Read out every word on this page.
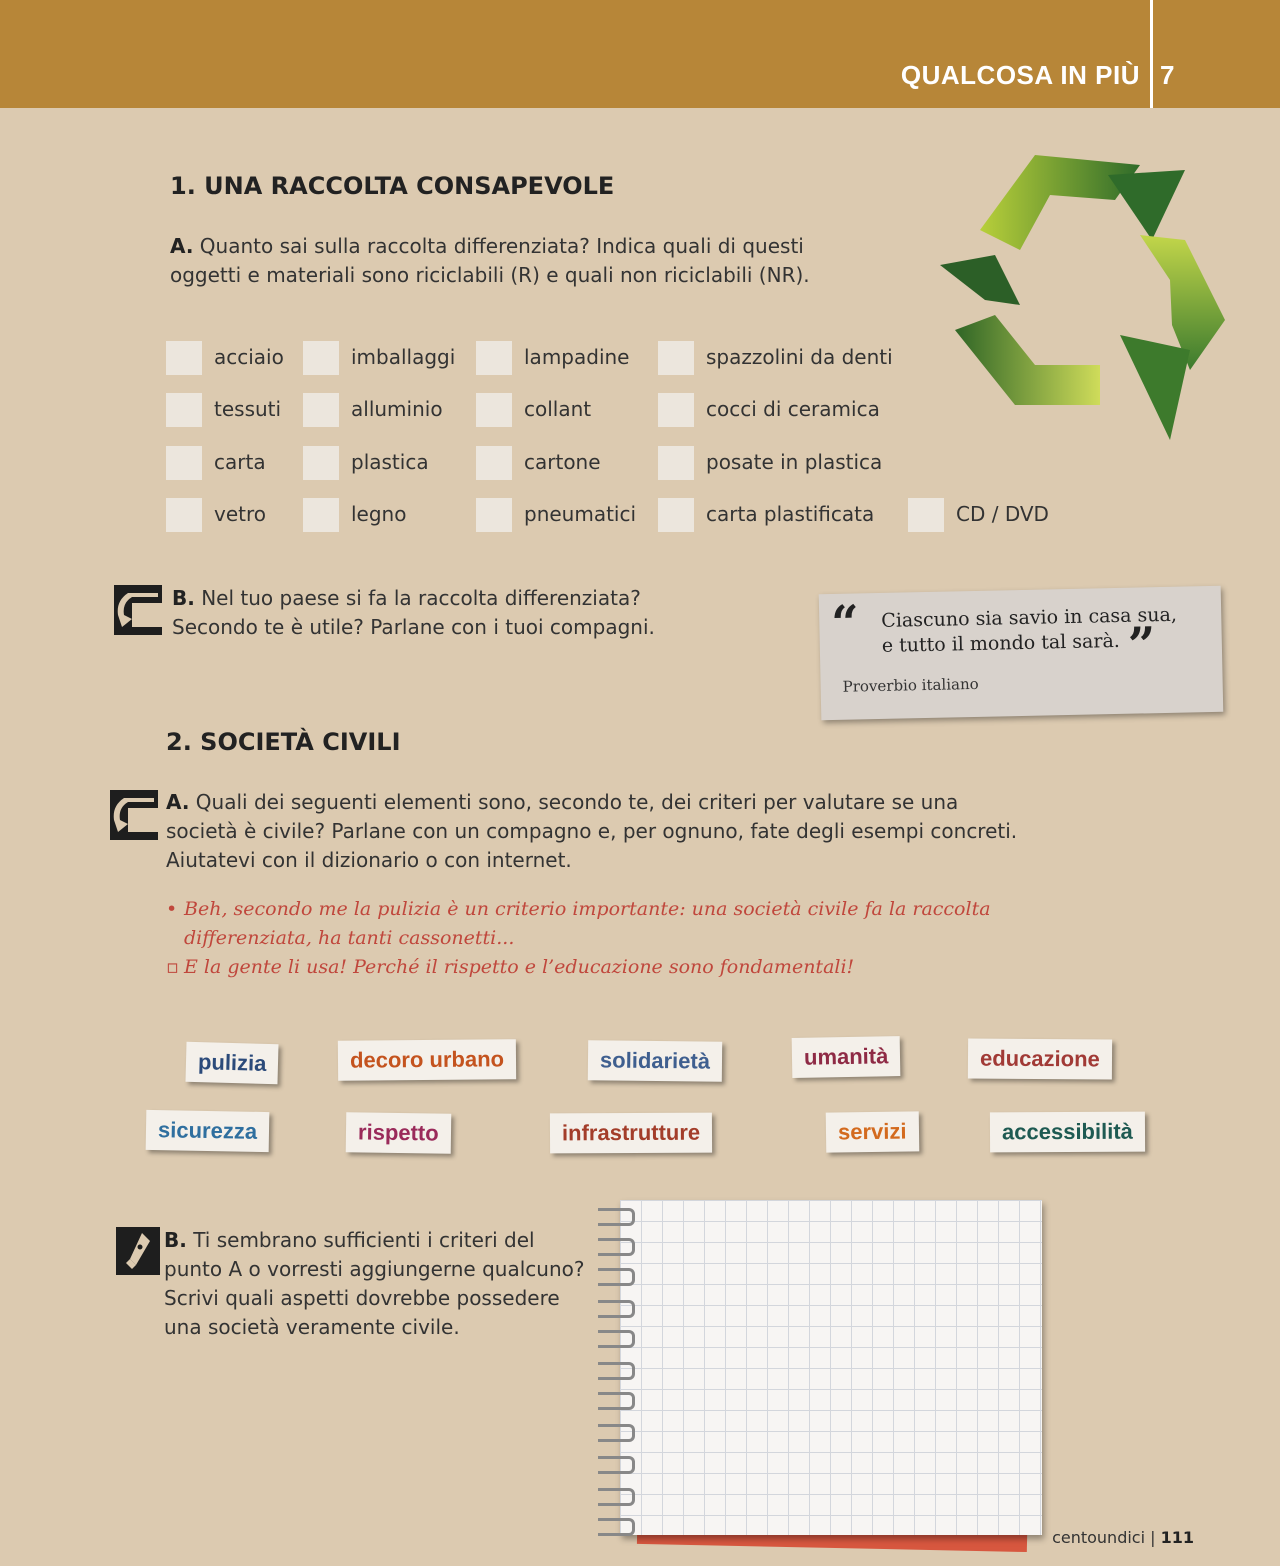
QUALCOSA IN PIÙ 7
1. UNA RACCOLTA CONSAPEVOLE
A. Quanto sai sulla raccolta differenziata? Indica quali di questi
oggetti e materiali sono riciclabili (R) e quali non riciclabili (NR).
acciaio	imballaggi	lampadine	spazzolini da denti
tessuti	alluminio	collant	cocci di ceramica
carta	plastica	cartone	posate in plastica
vetro	legno	pneumatici	carta plastificata	CD / DVD
B. Nel tuo paese si fa la raccolta differenziata?
Secondo te è utile? Parlane con i tuoi compagni.	“ Ciascuno sia savio in casa sua,
e tutto il mondo tal sarà. ”
Proverbio italiano
2. SOCIETÀ CIVILI
A. Quali dei seguenti elementi sono, secondo te, dei criteri per valutare se una
società è civile? Parlane con un compagno e, per ognuno, fate degli esempi concreti.
Aiutatevi con il dizionario o con internet.
• Beh, secondo me la pulizia è un criterio importante: una società civile fa la raccolta
differenziata, ha tanti cassonetti...
▫ E la gente li usa! Perché il rispetto e l’educazione sono fondamentali!
pulizia	decoro urbano	solidarietà	umanità	educazione
sicurezza	rispetto	infrastrutture	servizi	accessibilità
B. Ti sembrano sufficienti i criteri del
punto A o vorresti aggiungerne qualcuno?
Scrivi quali aspetti dovrebbe possedere
una società veramente civile.
centoundici | 111
